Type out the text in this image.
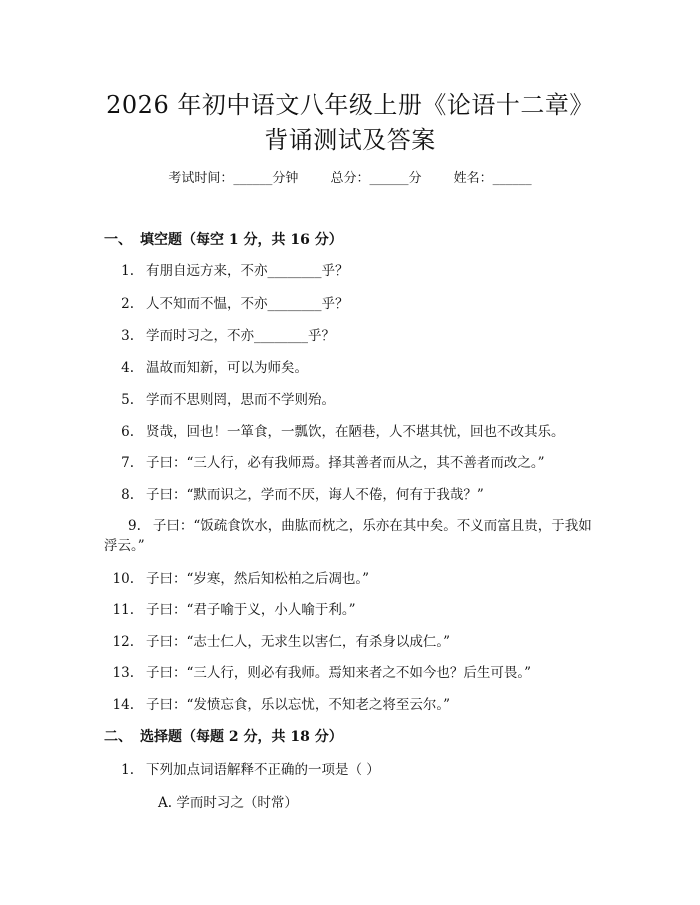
2026 年初中语文八年级上册《论语十二章》
背诵测试及答案
考试时间：______分钟 总分：______分 姓名：______
一、 填空题（每空 1 分，共 16 分）
1. 有朋自远方来，不亦________乎？
2. 人不知而不愠，不亦________乎？
3. 学而时习之，不亦________乎？
4. 温故而知新，可以为师矣。
5. 学而不思则罔，思而不学则殆。
6. 贤哉，回也！一箪食，一瓢饮，在陋巷，人不堪其忧，回也不改其乐。
7. 子曰：“三人行，必有我师焉。择其善者而从之，其不善者而改之。”
8. 子曰：“默而识之，学而不厌，诲人不倦，何有于我哉？”
9. 子曰：“饭疏食饮水，曲肱而枕之，乐亦在其中矣。不义而富且贵，于我如浮云。”
10. 子曰：“岁寒，然后知松柏之后凋也。”
11. 子曰：“君子喻于义，小人喻于利。”
12. 子曰：“志士仁人，无求生以害仁，有杀身以成仁。”
13. 子曰：“三人行，则必有我师。焉知来者之不如今也？后生可畏。”
14. 子曰：“发愤忘食，乐以忘忧，不知老之将至云尔。”
二、 选择题（每题 2 分，共 18 分）
1. 下列加点词语解释不正确的一项是（ ）
A. 学而时习之（时常）
